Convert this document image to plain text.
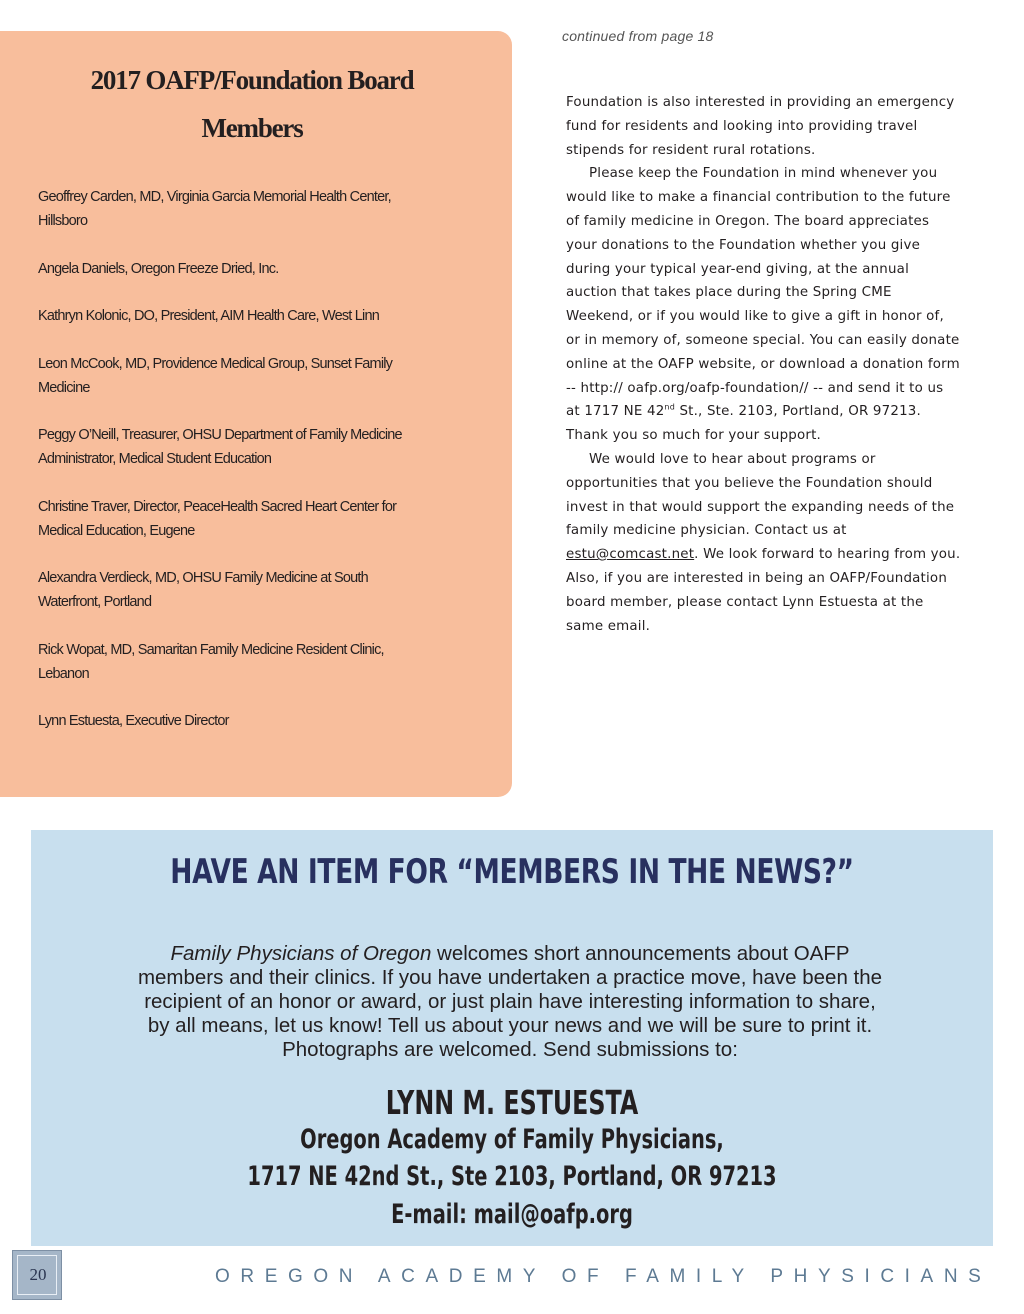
2017 OAFP/Foundation Board
Members
Geoffrey Carden, MD, Virginia Garcia Memorial Health Center,
Hillsboro
Angela Daniels, Oregon Freeze Dried, Inc.
Kathryn Kolonic, DO, President, AIM Health Care, West Linn
Leon McCook, MD, Providence Medical Group, Sunset Family
Medicine
Peggy O’Neill, Treasurer, OHSU Department of Family Medicine
Administrator, Medical Student Education
Christine Traver, Director, PeaceHealth Sacred Heart Center for
Medical Education, Eugene
Alexandra Verdieck, MD, OHSU Family Medicine at South
Waterfront, Portland
Rick Wopat, MD, Samaritan Family Medicine Resident Clinic,
Lebanon
Lynn Estuesta, Executive Director
continued from page 18

Foundation is also interested in providing an emergency fund for residents and looking into providing travel stipends for resident rural rotations.

Please keep the Foundation in mind whenever you would like to make a financial contribution to the future of family medicine in Oregon. The board appreciates your donations to the Foundation whether you give during your typical year-end giving, at the annual auction that takes place during the Spring CME Weekend, or if you would like to give a gift in honor of, or in memory of, someone special. You can easily donate online at the OAFP website, or download a donation form -- http:// oafp.org/oafp-foundation// -- and send it to us at 1717 NE 42nd St., Ste. 2103, Portland, OR 97213. Thank you so much for your support.

We would love to hear about programs or opportunities that you believe the Foundation should invest in that would support the expanding needs of the family medicine physician. Contact us at estu@comcast.net. We look forward to hearing from you. Also, if you are interested in being an OAFP/Foundation board member, please contact Lynn Estuesta at the same email.

HAVE AN ITEM FOR “MEMBERS IN THE NEWS?”
Family Physicians of Oregon welcomes short announcements about OAFP
members and their clinics. If you have undertaken a practice move, have been the
recipient of an honor or award, or just plain have interesting information to share,
by all means, let us know! Tell us about your news and we will be sure to print it.
Photographs are welcomed. Send submissions to:
LYNN M. ESTUESTA
Oregon Academy of Family Physicians,
1717 NE 42nd St., Ste 2103, Portland, OR 97213
E-mail: mail@oafp.org
20	OREGON ACADEMY OF FAMILY PHYSICIANS
